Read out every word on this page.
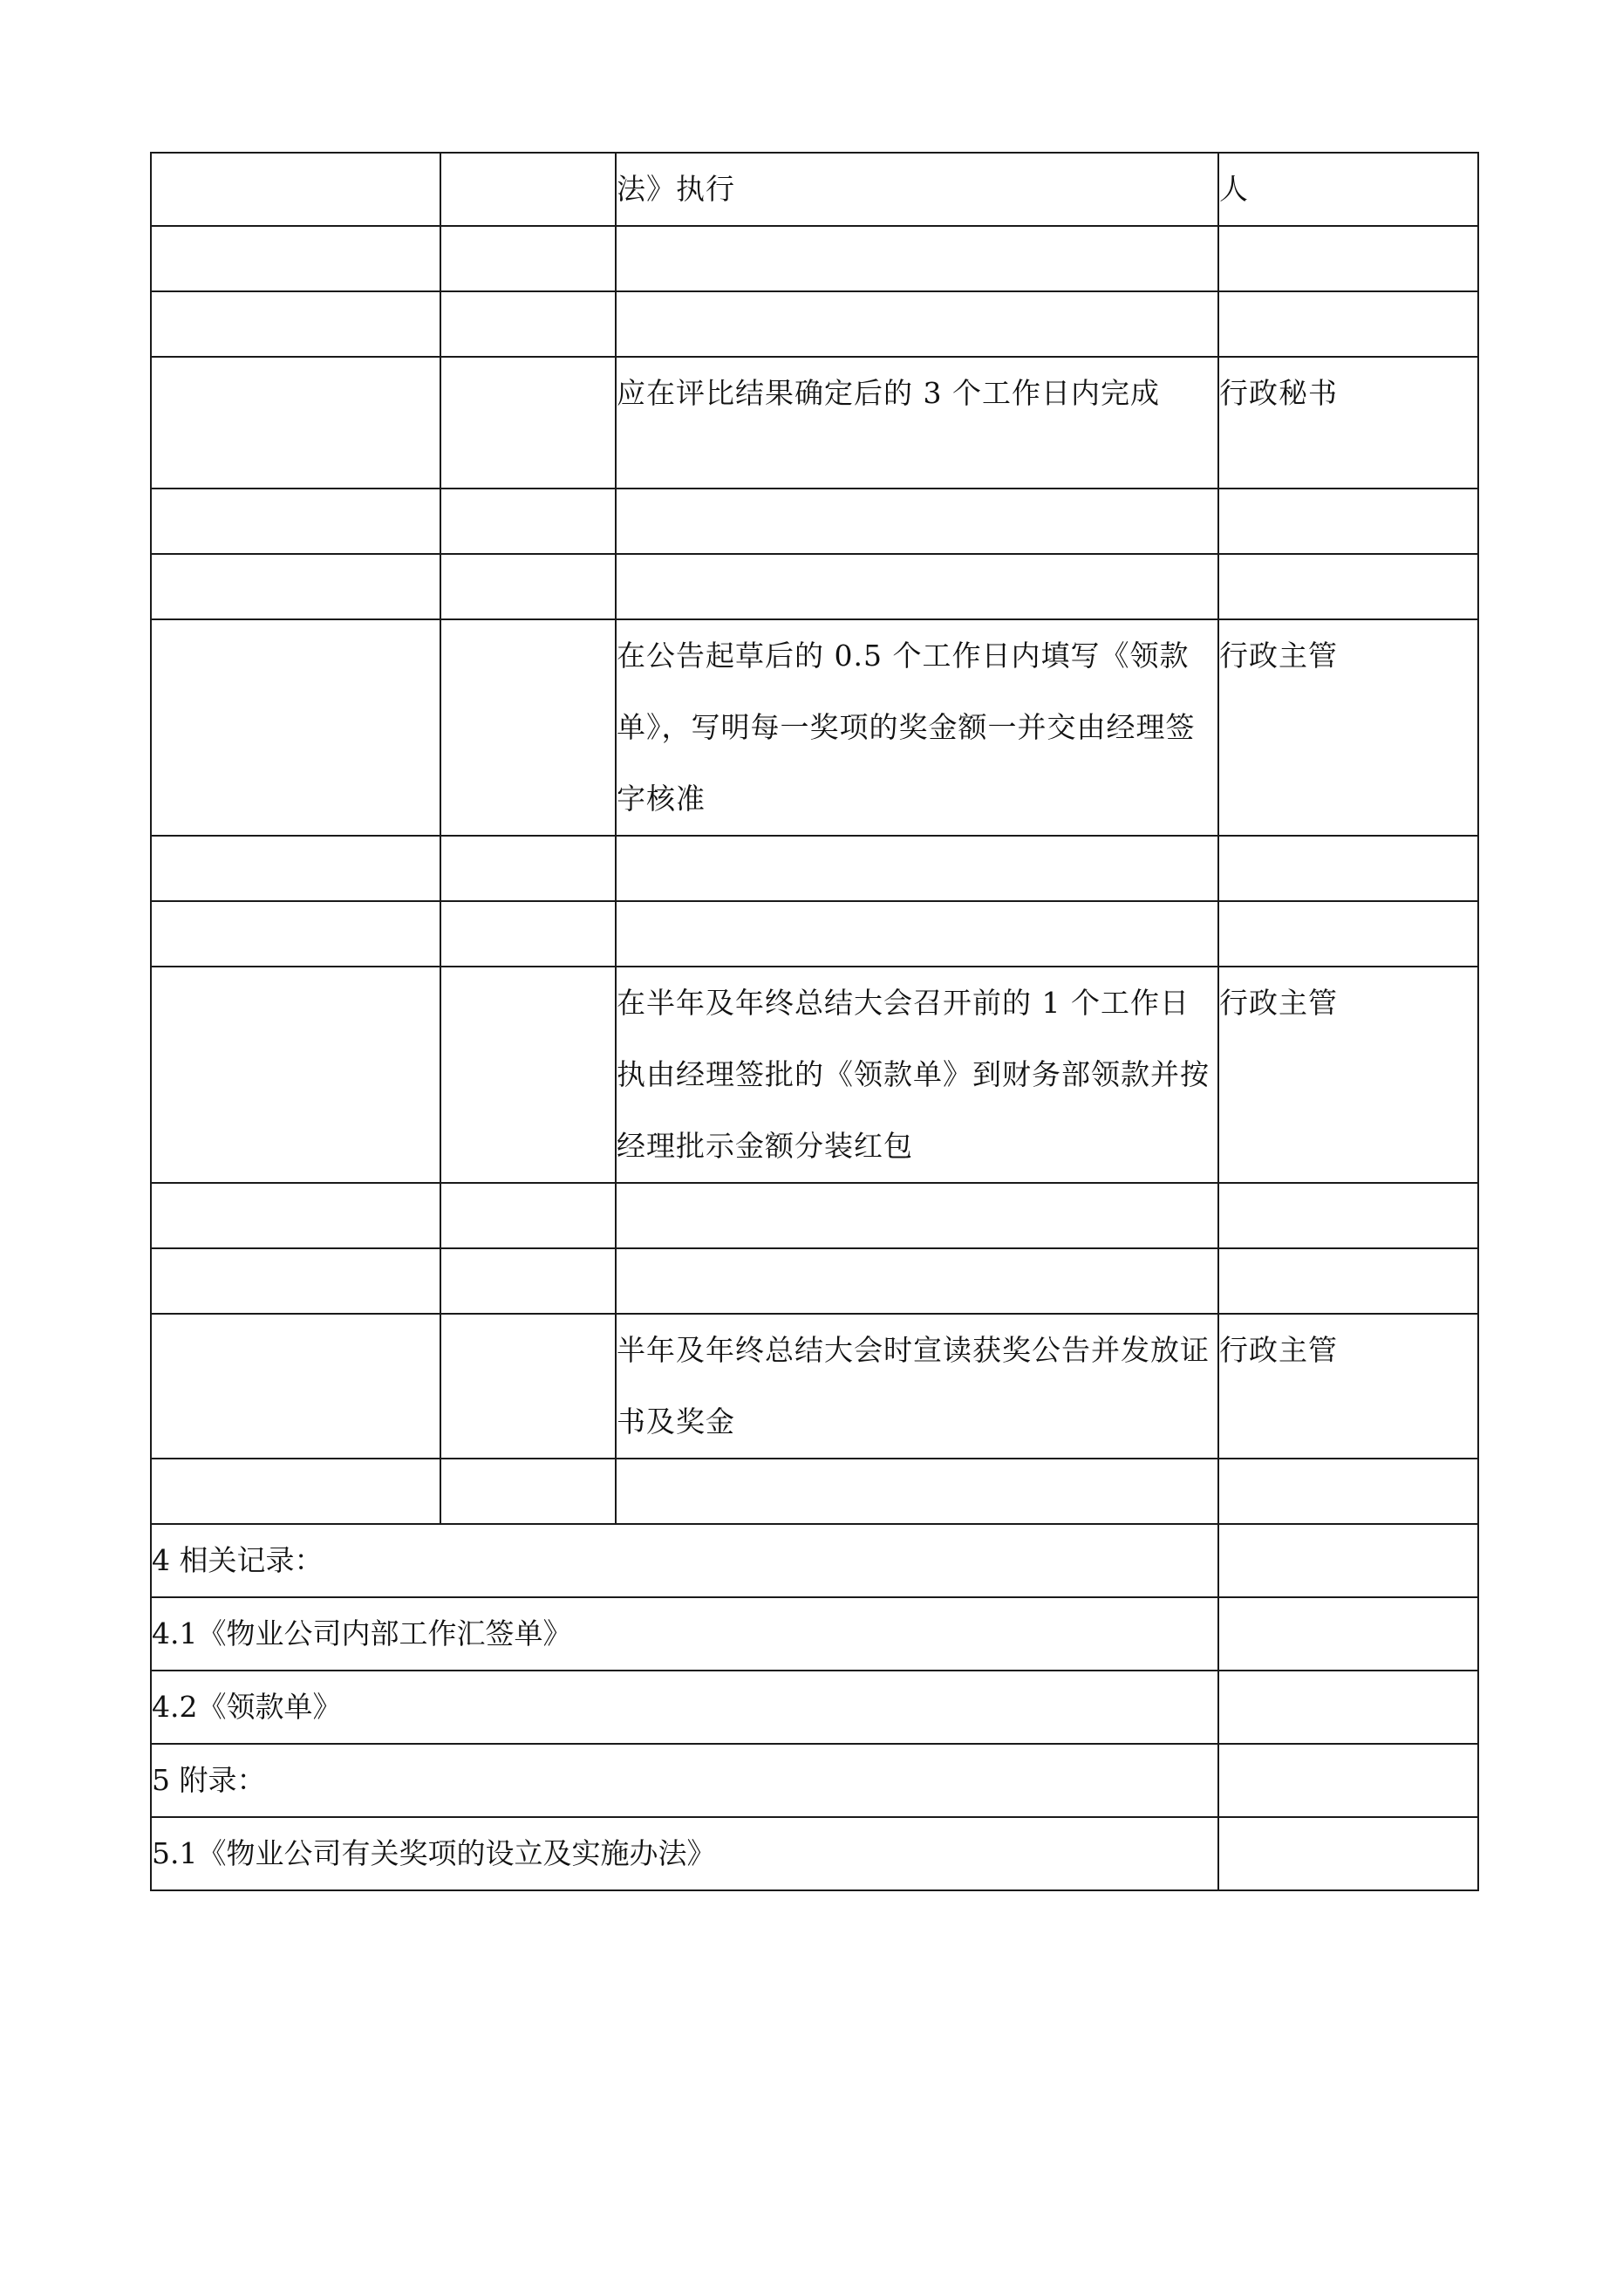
		法》执行	人

		应在评比结果确定后的 3 个工作日内完成	行政秘书

		在公告起草后的 0.5 个工作日内填写《领款单》，写明每一奖项的奖金额一并交由经理签字核准	行政主管

		在半年及年终总结大会召开前的 1 个工作日执由经理签批的《领款单》到财务部领款并按经理批示金额分装红包	行政主管

		半年及年终总结大会时宣读获奖公告并发放证书及奖金	行政主管

4 相关记录：			
4.1《物业公司内部工作汇签单》			
4.2《领款单》			
5 附录：			
5.1《物业公司有关奖项的设立及实施办法》			
